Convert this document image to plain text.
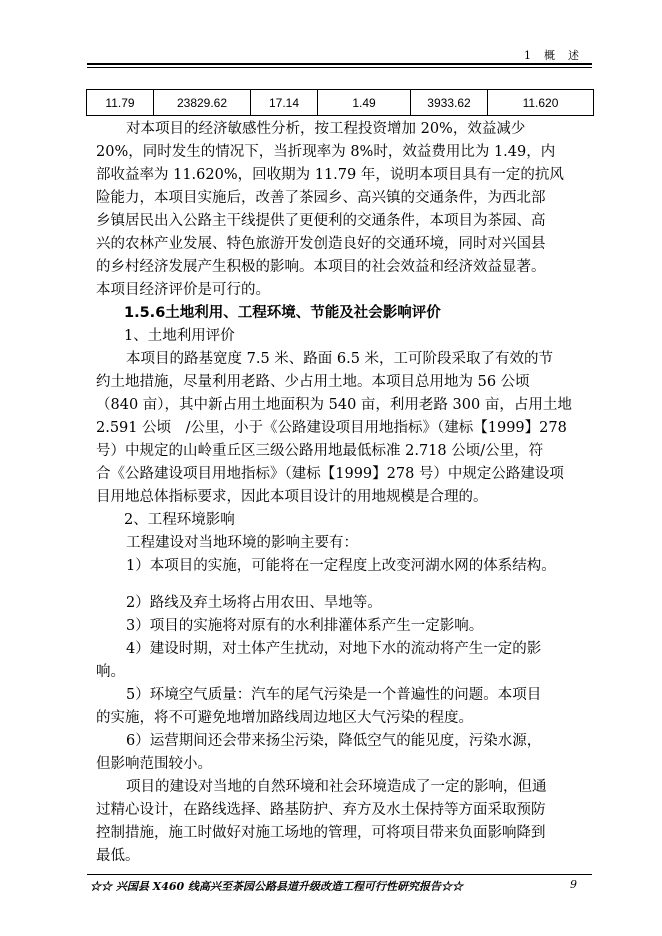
1　概　述
11.79	23829.62	17.14	1.49	3933.62	11.620
对本项目的经济敏感性分析，按工程投资增加 20%，效益减少
20%，同时发生的情况下，当折现率为 8%时，效益费用比为 1.49，内
部收益率为 11.620%，回收期为 11.79 年，说明本项目具有一定的抗风
险能力，本项目实施后，改善了茶园乡、高兴镇的交通条件，为西北部
乡镇居民出入公路主干线提供了更便利的交通条件，本项目为茶园、高
兴的农林产业发展、特色旅游开发创造良好的交通环境，同时对兴国县
的乡村经济发展产生积极的影响。本项目的社会效益和经济效益显著。
本项目经济评价是可行的。
1.5.6土地利用、工程环境、节能及社会影响评价
1、土地利用评价
本项目的路基宽度 7.5 米、路面 6.5 米，工可阶段采取了有效的节
约土地措施，尽量利用老路、少占用土地。本项目总用地为 56 公顷
（840 亩），其中新占用土地面积为 540 亩，利用老路 300 亩，占用土地
2.591 公顷　/公里，小于《公路建设项目用地指标》（建标【1999】278
号）中规定的山岭重丘区三级公路用地最低标准 2.718 公顷/公里，符
合《公路建设项目用地指标》（建标【1999】278 号）中规定公路建设项
目用地总体指标要求，因此本项目设计的用地规模是合理的。
2、工程环境影响
工程建设对当地环境的影响主要有：
1）本项目的实施，可能将在一定程度上改变河湖水网的体系结构。
2）路线及弃土场将占用农田、旱地等。
3）项目的实施将对原有的水利排灌体系产生一定影响。
4）建设时期，对土体产生扰动，对地下水的流动将产生一定的影
响。
5）环境空气质量：汽车的尾气污染是一个普遍性的问题。本项目
的实施，将不可避免地增加路线周边地区大气污染的程度。
6）运营期间还会带来扬尘污染，降低空气的能见度，污染水源，
但影响范围较小。
项目的建设对当地的自然环境和社会环境造成了一定的影响，但通
过精心设计，在路线选择、路基防护、弃方及水土保持等方面采取预防
控制措施，施工时做好对施工场地的管理，可将项目带来负面影响降到
最低。
☆☆ 兴国县 X460 线高兴至茶园公路县道升级改造工程可行性研究报告☆☆	9
